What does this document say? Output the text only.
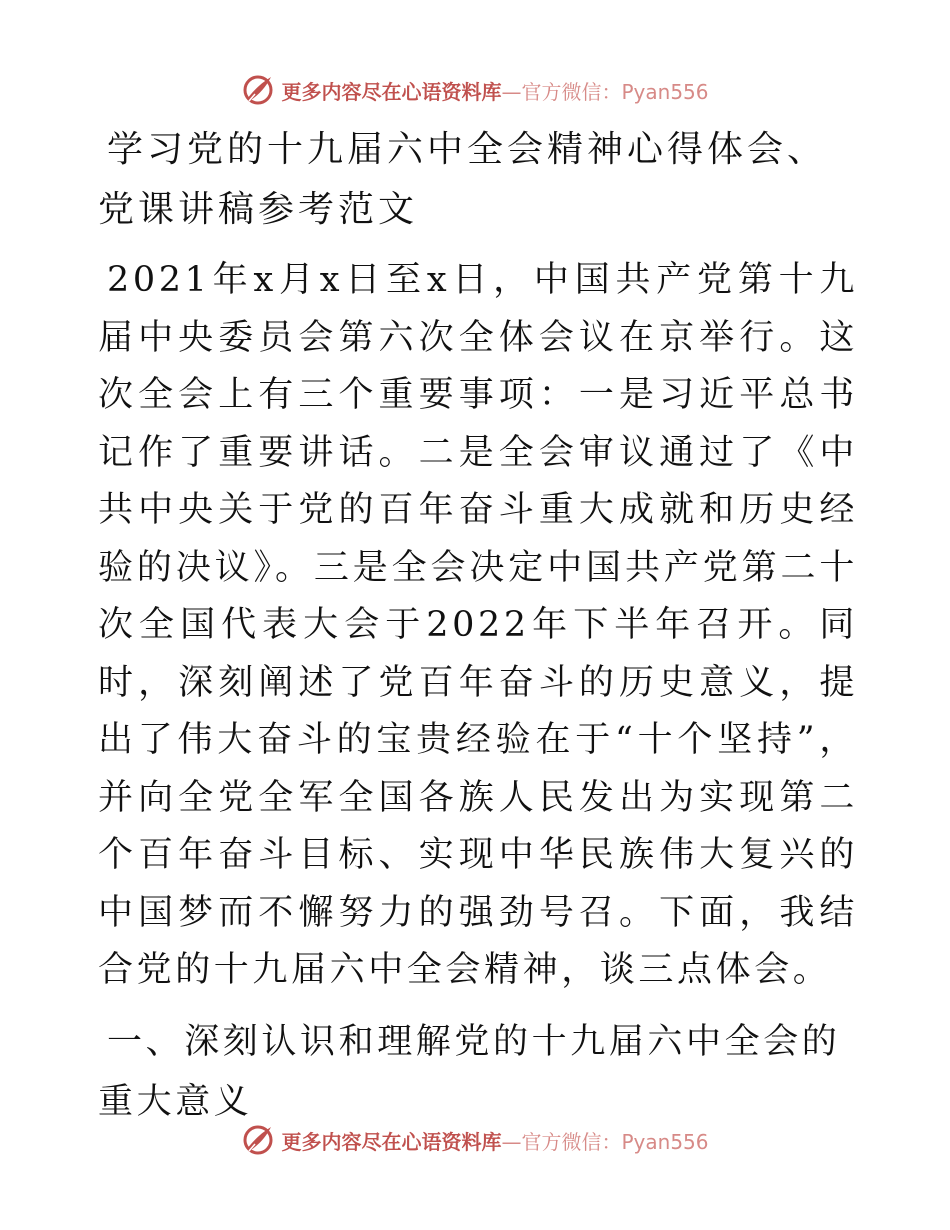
更多内容尽在心语资料库—官方微信：Pyan556
学习党的十九届六中全会精神心得体会、党课讲稿参考范文

2021年x月x日至x日，中国共产党第十九届中央委员会第六次全体会议在京举行。这次全会上有三个重要事项：一是习近平总书记作了重要讲话。二是全会审议通过了《中共中央关于党的百年奋斗重大成就和历史经验的决议》。三是全会决定中国共产党第二十次全国代表大会于2022年下半年召开。同时，深刻阐述了党百年奋斗的历史意义，提出了伟大奋斗的宝贵经验在于“十个坚持”，并向全党全军全国各族人民发出为实现第二个百年奋斗目标、实现中华民族伟大复兴的中国梦而不懈努力的强劲号召。下面，我结合党的十九届六中全会精神，谈三点体会。

一、深刻认识和理解党的十九届六中全会的重大意义
更多内容尽在心语资料库—官方微信：Pyan556
